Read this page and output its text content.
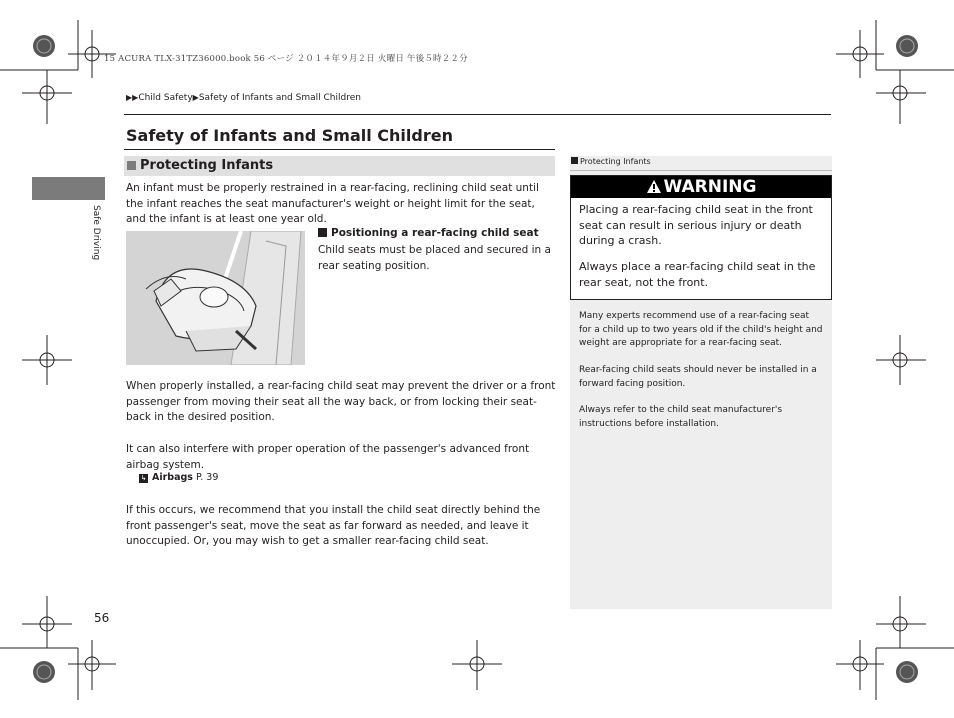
15 ACURA TLX-31TZ36000.book 56 ページ ２０１４年９月２日 火曜日 午後５時２２分
▶▶Child Safety▶Safety of Infants and Small Children
Safe Driving
Safety of Infants and Small Children
Protecting Infants
An infant must be properly restrained in a rear-facing, reclining child seat until the infant reaches the seat manufacturer's weight or height limit for the seat, and the infant is at least one year old.
Positioning a rear-facing child seat
Child seats must be placed and secured in a rear seating position.
When properly installed, a rear-facing child seat may prevent the driver or a front passenger from moving their seat all the way back, or from locking their seat-back in the desired position.
It can also interfere with proper operation of the passenger's advanced front airbag system.
↳ Airbags P. 39
If this occurs, we recommend that you install the child seat directly behind the front passenger's seat, move the seat as far forward as needed, and leave it unoccupied. Or, you may wish to get a smaller rear-facing child seat.
Protecting Infants
WARNING
Placing a rear-facing child seat in the front seat can result in serious injury or death during a crash.
Always place a rear-facing child seat in the rear seat, not the front.
Many experts recommend use of a rear-facing seat for a child up to two years old if the child's height and weight are appropriate for a rear-facing seat.
Rear-facing child seats should never be installed in a forward facing position.
Always refer to the child seat manufacturer's instructions before installation.
56
